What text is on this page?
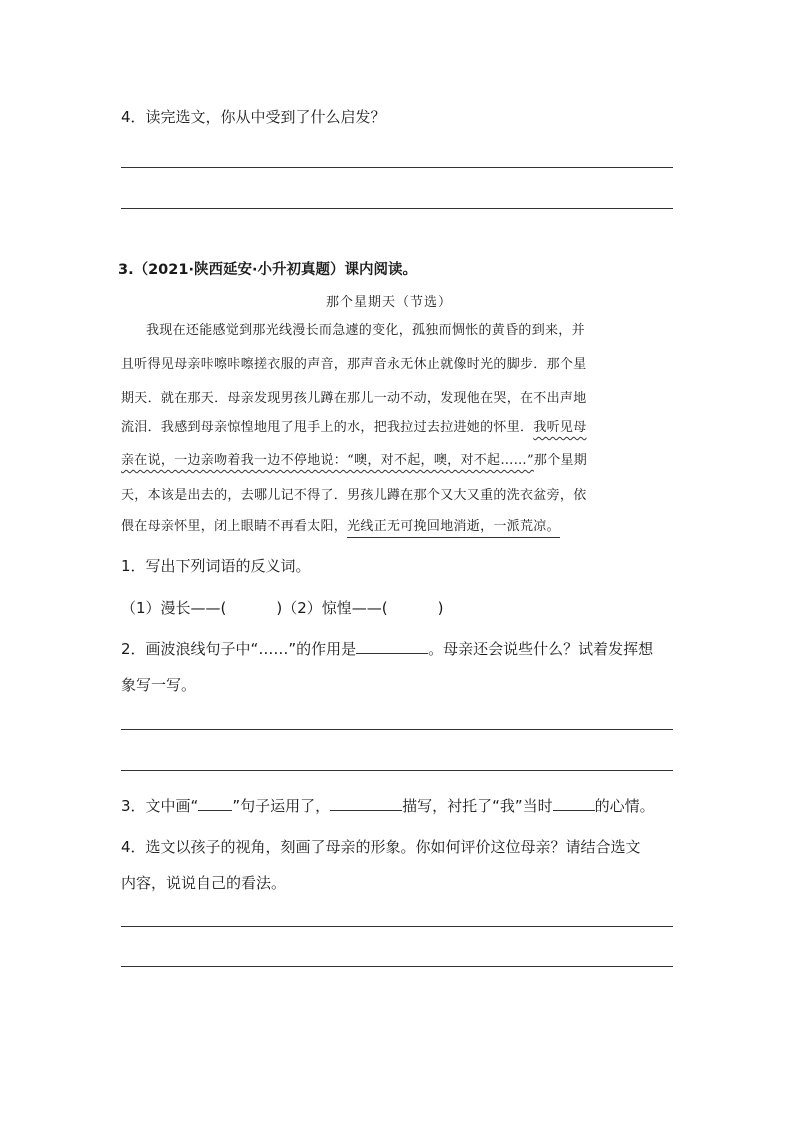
4．读完选文，你从中受到了什么启发？
3.（2021·陕西延安·小升初真题）课内阅读。
那个星期天（节选）
我现在还能感觉到那光线漫长而急遽的变化，孤独而惆怅的黄昏的到来，并
且听得见母亲咔嚓咔嚓搓衣服的声音，那声音永无休止就像时光的脚步．那个星
期天．就在那天．母亲发现男孩儿蹲在那儿一动不动，发现他在哭，在不出声地
流泪．我感到母亲惊惶地甩了甩手上的水，把我拉过去拉进她的怀里．我听见母
亲在说，一边亲吻着我一边不停地说：“噢，对不起，噢，对不起……”那个星期
天，本该是出去的，去哪儿记不得了．男孩儿蹲在那个又大又重的洗衣盆旁，依
偎在母亲怀里，闭上眼睛不再看太阳，光线正无可挽回地消逝，一派荒凉。
1．写出下列词语的反义词。
（1）漫长——(	)（2）惊惶——(	)
2．画波浪线句子中“……”的作用是	。母亲还会说些什么？试着发挥想
象写一写。
3．文中画“ ”句子运用了，	描写，衬托了“我”当时	的心情。
4．选文以孩子的视角，刻画了母亲的形象。你如何评价这位母亲？请结合选文
内容，说说自己的看法。
